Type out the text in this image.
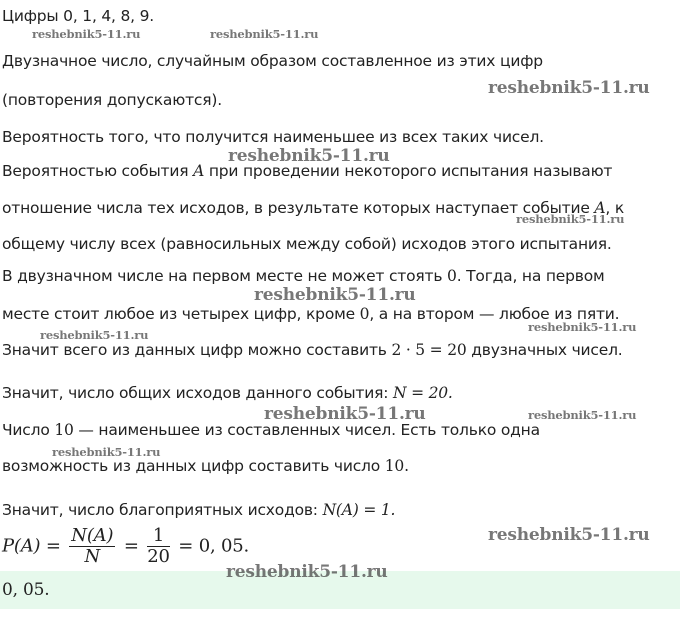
Цифры 0, 1, 4, 8, 9.
Двузначное число, случайным образом составленное из этих цифр
(повторения допускаются).
Вероятность того, что получится наименьшее из всех таких чисел.
Вероятностью события A при проведении некоторого испытания называют
отношение числа тех исходов, в результате которых наступает событие A, к
общему числу всех (равносильных между собой) исходов этого испытания.
В двузначном числе на первом месте не может стоять 0. Тогда, на первом
месте стоит любое из четырех цифр, кроме 0, а на втором — любое из пяти.
Значит всего из данных цифр можно составить 2 · 5 = 20 двузначных чисел.
Значит, число общих исходов данного события: N = 20.
Число 10 — наименьшее из составленных чисел. Есть только одна
возможность из данных цифр составить число 10.
Значит, число благоприятных исходов: N(A) = 1.
$P(A) = \frac{N(A)}{N} = \frac{1}{20} = 0$, 05.
0, 05.
reshebnik5-11.ru	reshebnik5-11.ru
reshebnik5-11.ru
reshebnik5-11.ru
reshebnik5-11.ru
reshebnik5-11.ru
reshebnik5-11.ru
reshebnik5-11.ru
reshebnik5-11.ru	reshebnik5-11.ru
reshebnik5-11.ru
reshebnik5-11.ru
reshebnik5-11.ru
